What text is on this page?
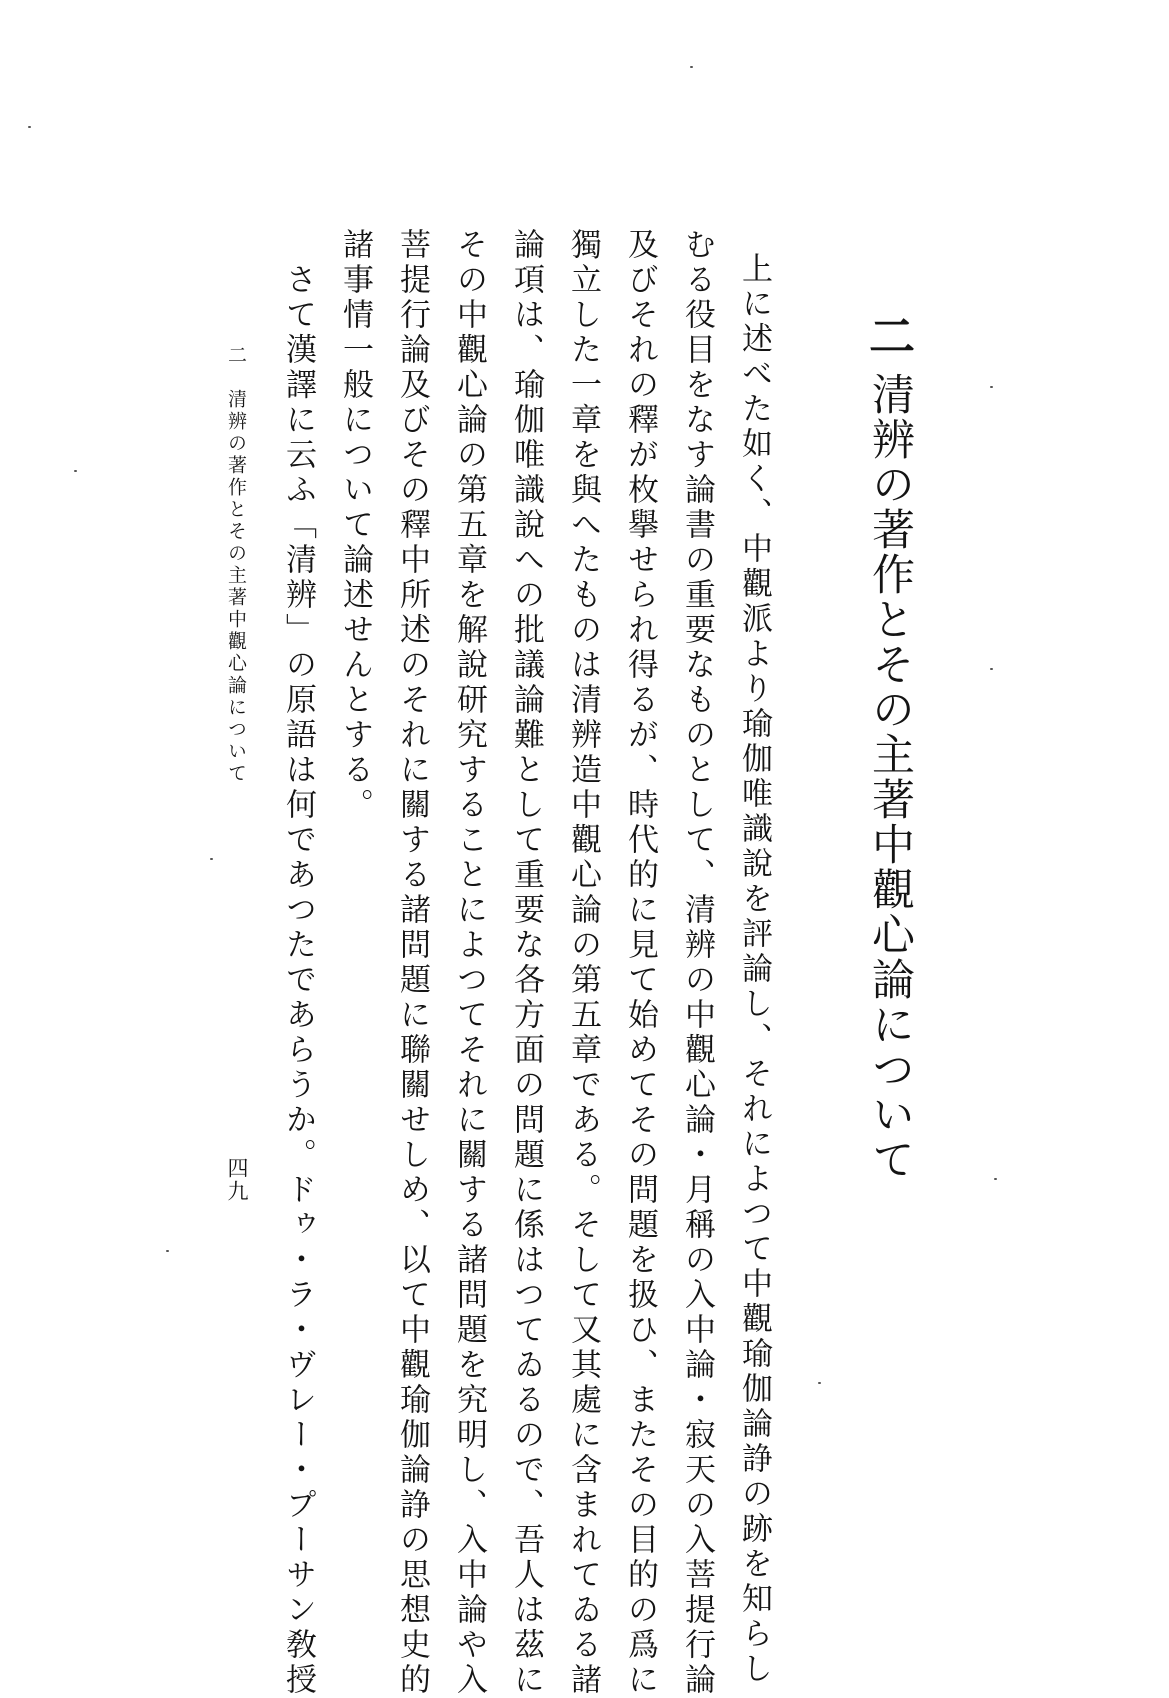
二
清辨の著作とその主著中觀心論について
上に述べた如く、中觀派より瑜伽唯識說を評論し、それによつて中觀瑜伽論諍の跡を知らし
むる役目をなす論書の重要なものとして、清辨の中觀心論・月稱の入中論・寂天の入菩提行論
及びそれの釋が枚擧せられ得るが、時代的に見て始めてその問題を扱ひ、またその目的の爲に
獨立した一章を與へたものは清辨造中觀心論の第五章である。そして又其處に含まれてゐる諸
論項は、瑜伽唯識說への批議論難として重要な各方面の問題に係はつてゐるので、吾人は茲に
その中觀心論の第五章を解說研究することによつてそれに關する諸問題を究明し、入中論や入
菩提行論及びその釋中所述のそれに關する諸問題に聯關せしめ、以て中觀瑜伽論諍の思想史的
諸事情一般について論述せんとする。
　さて漢譯に云ふ「清辨」の原語は何であつたであらうか。ドゥ・ラ・ヴレー・プーサン敎授
二　清辨の著作とその主著中觀心論について
四九
